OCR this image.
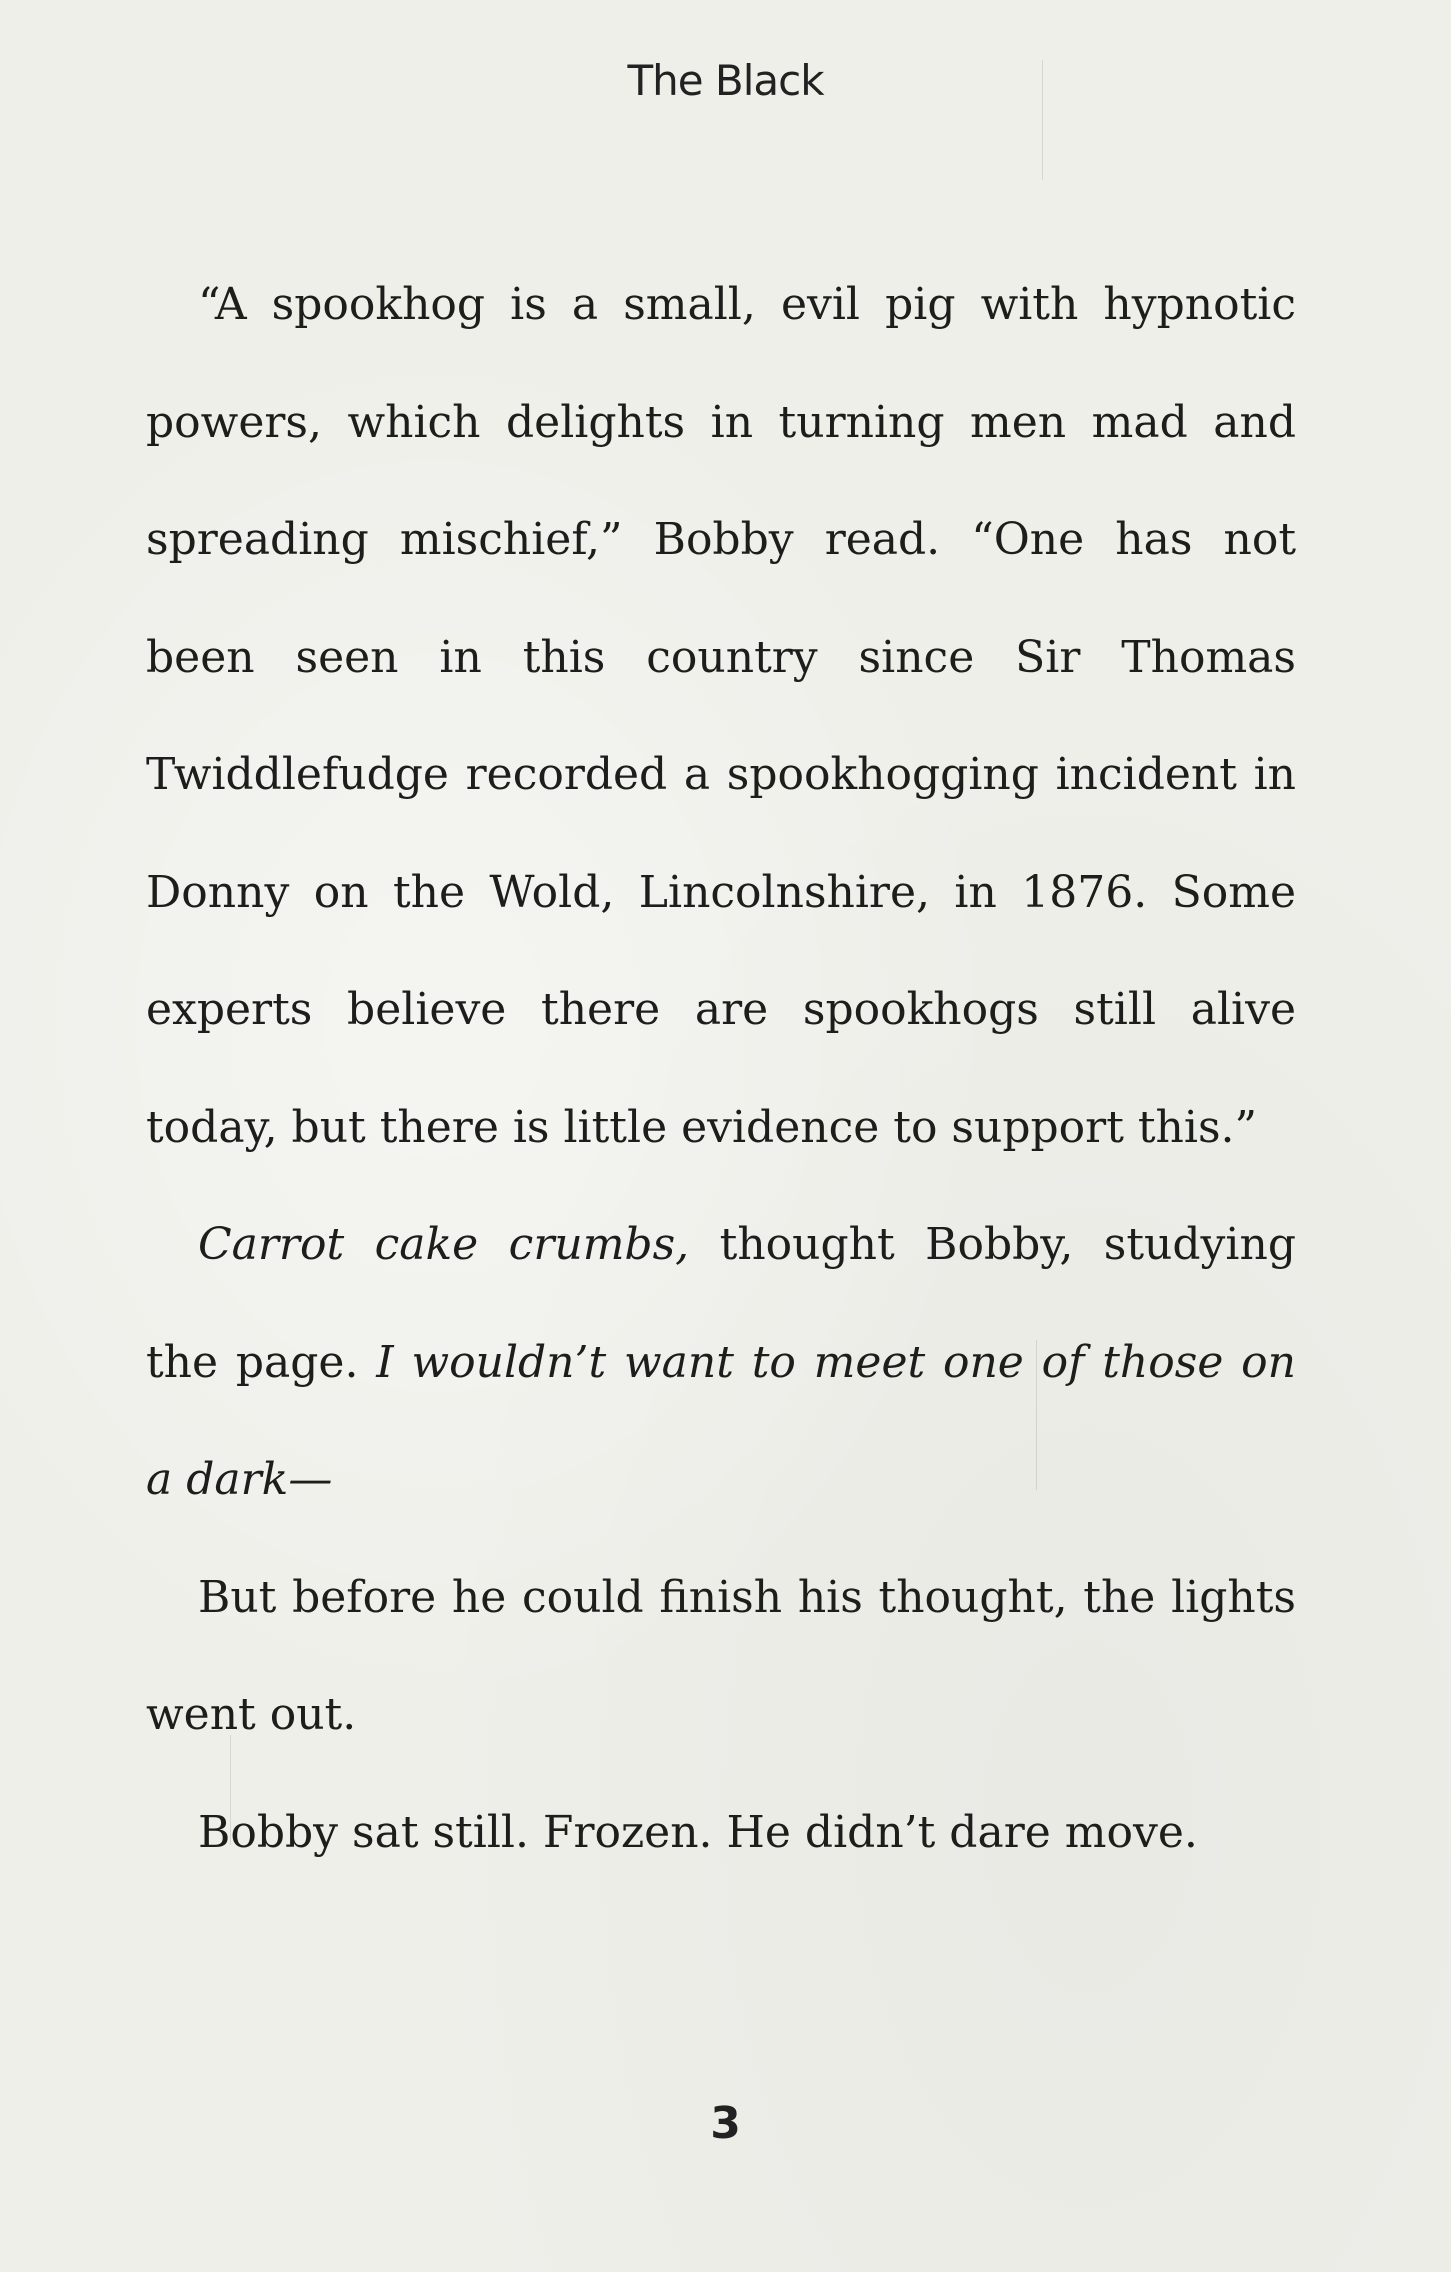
The Black

“A spookhog is a small, evil pig with hypnotic powers, which delights in turning men mad and spreading mischief,” Bobby read. “One has not been seen in this country since Sir Thomas Twiddlefudge recorded a spookhogging incident in Donny on the Wold, Lincolnshire, in 1876. Some experts believe there are spookhogs still alive today, but there is little evidence to support this.”

Carrot cake crumbs, thought Bobby, studying the page. I wouldn’t want to meet one of those on a dark—

But before he could finish his thought, the lights went out.

Bobby sat still. Frozen. He didn’t dare move.

3
